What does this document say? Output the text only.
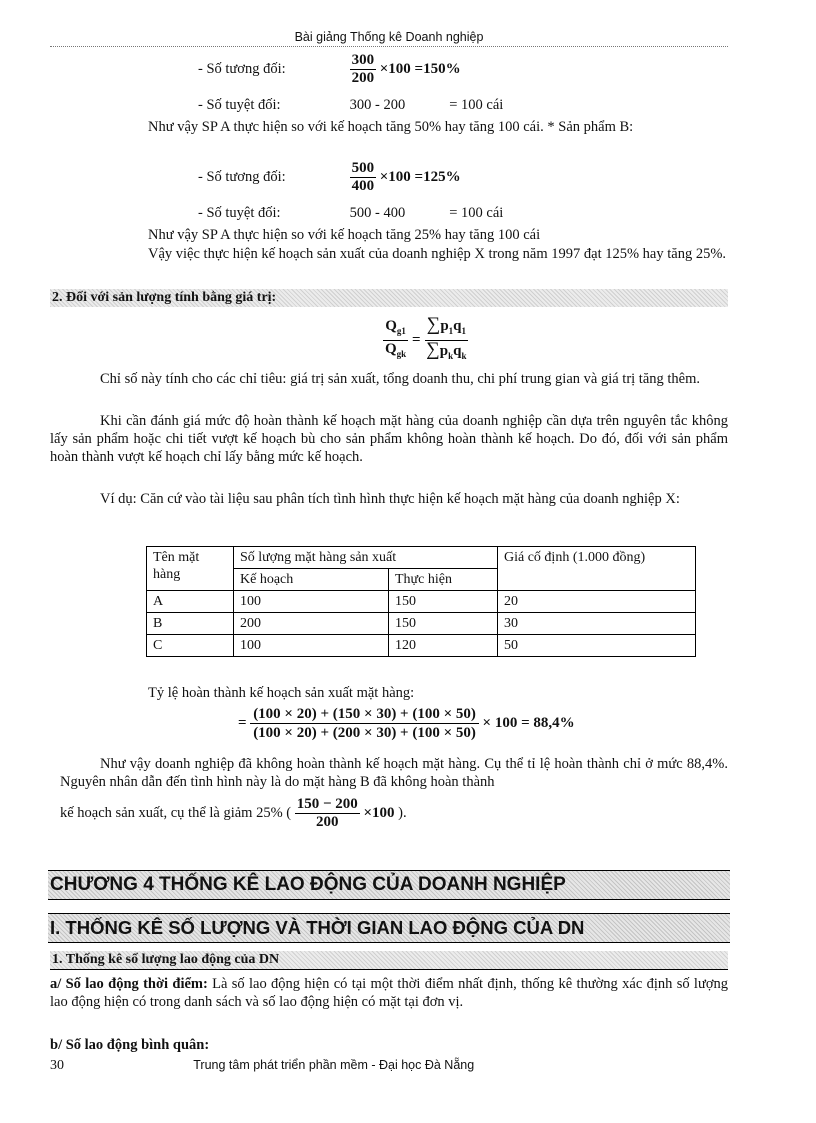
Bài giảng Thống kê Doanh nghiệp
- Số tương đối:	$\frac{300}{200} \times 100 =150\%$
- Số tuyệt đối:	300 - 200	= 100 cái
Như vậy SP A thực hiện so với kế hoạch tăng 50% hay tăng 100 cái. * Sản phẩm B:
- Số tương đối:	$\frac{500}{400} \times 100 =125\%$
- Số tuyệt đối:	500 - 400	= 100 cái
Như vậy SP A thực hiện so với kế hoạch tăng 25% hay tăng 100 cái
Vậy việc thực hiện kế hoạch sản xuất của doanh nghiệp X trong năm 1997 đạt 125% hay tăng 25%.
2. Đối với sản lượng tính bằng giá trị:
$\frac{Q_{g1}}{Q_{gk}} = \frac{\sum p_1q_1}{\sum p_kq_k}$
Chỉ số này tính cho các chỉ tiêu: giá trị sản xuất, tổng doanh thu, chi phí trung gian và giá trị tăng thêm.
Khi cần đánh giá mức độ hoàn thành kế hoạch mặt hàng của doanh nghiệp cần dựa trên nguyên tắc không lấy sản phẩm hoặc chi tiết vượt kế hoạch bù cho sản phẩm không hoàn thành kế hoạch. Do đó, đối với sản phẩm hoàn thành vượt kế hoạch chỉ lấy bằng mức kế hoạch.
Ví dụ: Căn cứ vào tài liệu sau phân tích tình hình thực hiện kế hoạch mặt hàng của doanh nghiệp X:
Tên mặt hàng	Số lượng mặt hàng sản xuất		Giá cố định (1.000 đồng)
	Kế hoạch	Thực hiện	
A	100	150	20
B	200	150	30
C	100	120	50
Tỷ lệ hoàn thành kế hoạch sản xuất mặt hàng:
= $\frac{(100 \times 20) + (150 \times 30) + (100 \times 50)}{(100 \times 20) + (200 \times 30) + (100 \times 50)} \times 100 = 88,4\%$
Như vậy doanh nghiệp đã không hoàn thành kế hoạch mặt hàng. Cụ thể tỉ lệ hoàn thành chỉ ở mức 88,4%. Nguyên nhân dẫn đến tình hình này là do mặt hàng B đã không hoàn thành
kế hoạch sản xuất, cụ thể là giảm 25% ( $\frac{150 - 200}{200} \times 100$ ).
CHƯƠNG 4 THỐNG KÊ LAO ĐỘNG CỦA DOANH NGHIỆP
I. THỐNG KÊ SỐ LƯỢNG VÀ THỜI GIAN LAO ĐỘNG CỦA DN
1. Thống kê số lượng lao động của DN
a/ Số lao động thời điểm: Là số lao động hiện có tại một thời điểm nhất định, thống kê thường xác định số lượng lao động hiện có trong danh sách và số lao động hiện có mặt tại đơn vị.
b/ Số lao động bình quân:
30	Trung tâm phát triển phần mềm - Đại học Đà Nẵng
